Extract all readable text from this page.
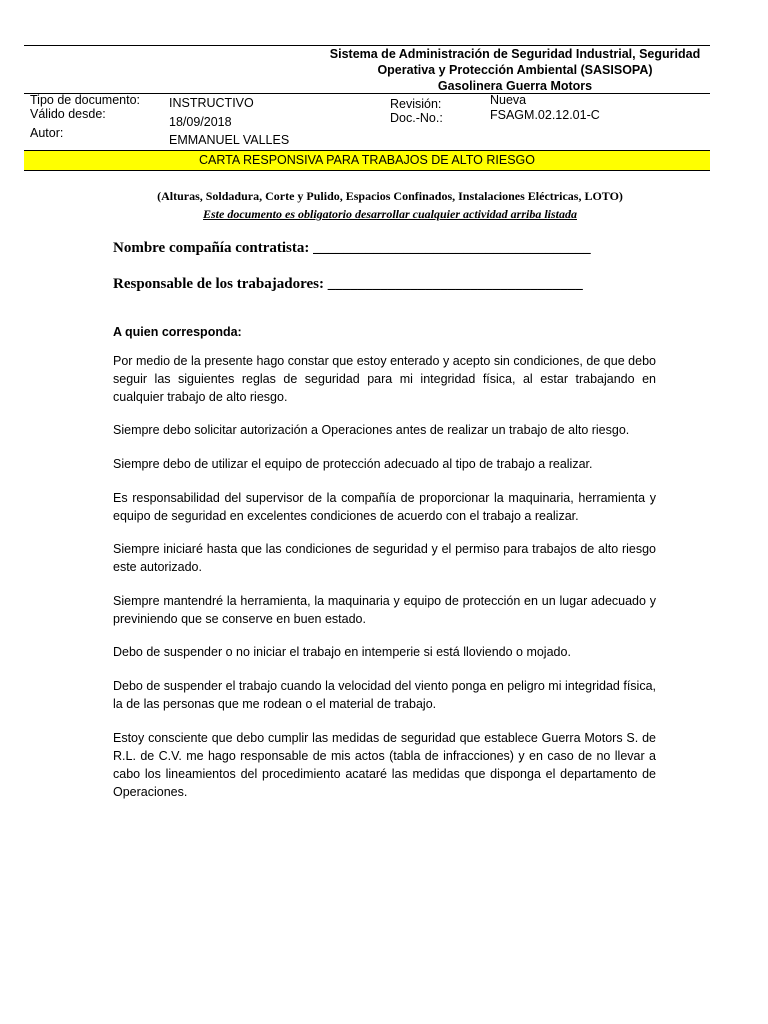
Sistema de Administración de Seguridad Industrial, Seguridad
Operativa y Protección Ambiental (SASISOPA)
Gasolinera Guerra Motors
Tipo de documento:
Válido desde:
Autor:
INSTRUCTIVO
18/09/2018
EMMANUEL VALLES
Revisión:
Doc.-No.:
Nueva
FSAGM.02.12.01-C
CARTA RESPONSIVA PARA TRABAJOS DE ALTO RIESGO
(Alturas, Soldadura, Corte y Pulido, Espacios Confinados, Instalaciones Eléctricas, LOTO)
Este documento es obligatorio desarrollar cualquier actividad arriba listada
Nombre compañía contratista: _____________________________________
Responsable de los trabajadores: __________________________________
A quien corresponda:
Por medio de la presente hago constar que estoy enterado y acepto sin condiciones, de que debo seguir las siguientes reglas de seguridad para mi integridad física, al estar trabajando en cualquier trabajo de alto riesgo.
Siempre debo solicitar autorización a Operaciones antes de realizar un trabajo de alto riesgo.
Siempre debo de utilizar el equipo de protección adecuado al tipo de trabajo a realizar.
Es responsabilidad del supervisor de la compañía de proporcionar la maquinaria, herramienta y equipo de seguridad en excelentes condiciones de acuerdo con el trabajo a realizar.
Siempre iniciaré hasta que las condiciones de seguridad y el permiso para trabajos de alto riesgo este autorizado.
Siempre mantendré la herramienta, la maquinaria y equipo de protección en un lugar adecuado y previniendo que se conserve en buen estado.
Debo de suspender o no iniciar el trabajo en intemperie si está lloviendo o mojado.
Debo de suspender el trabajo cuando la velocidad del viento ponga en peligro mi integridad física, la de las personas que me rodean o el material de trabajo.
Estoy consciente que debo cumplir las medidas de seguridad que establece Guerra Motors S. de R.L. de C.V. me hago responsable de mis actos (tabla de infracciones) y en caso de no llevar a cabo los lineamientos del procedimiento acataré las medidas que disponga el departamento de Operaciones.
